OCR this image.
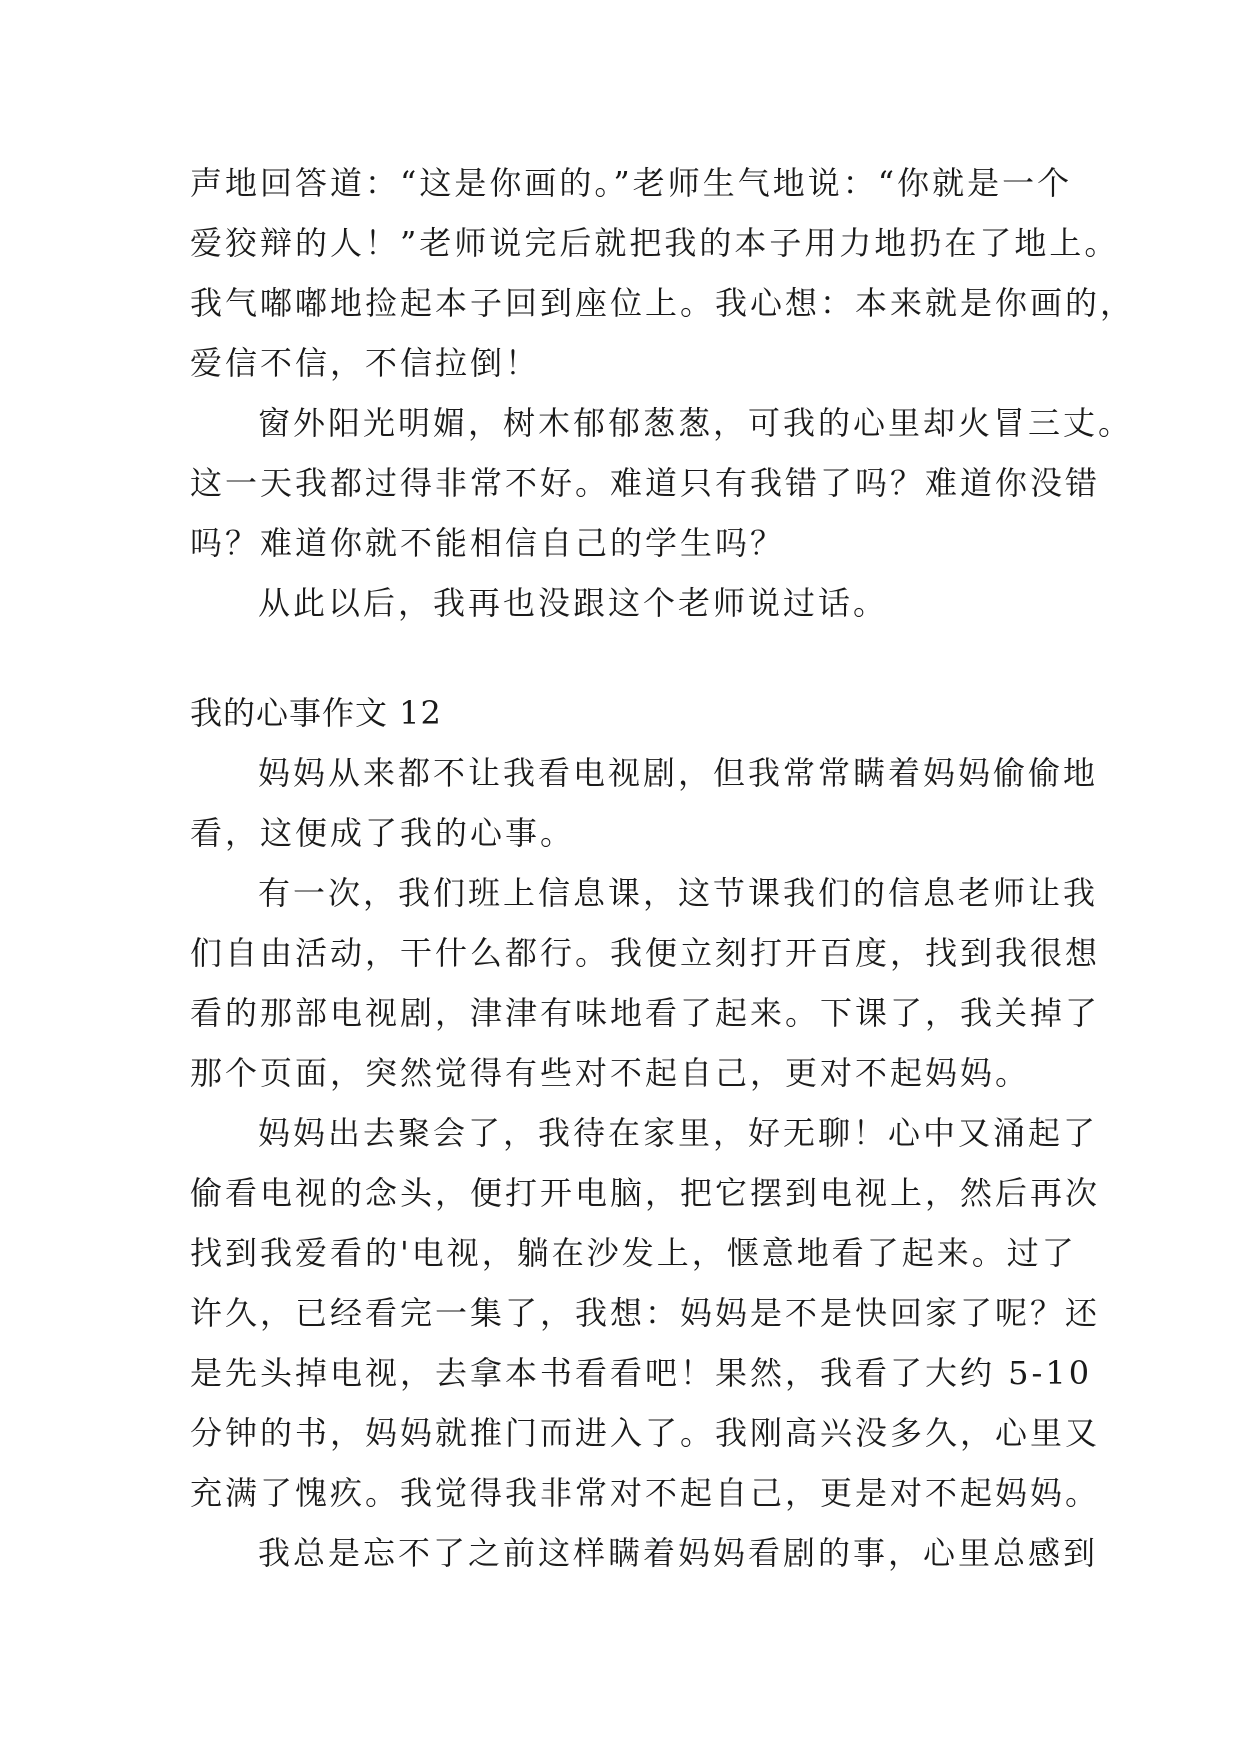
声地回答道：“这是你画的。”老师生气地说：“你就是一个
爱狡辩的人！”老师说完后就把我的本子用力地扔在了地上。
我气嘟嘟地捡起本子回到座位上。我心想：本来就是你画的，
爱信不信，不信拉倒！
窗外阳光明媚，树木郁郁葱葱，可我的心里却火冒三丈。
这一天我都过得非常不好。难道只有我错了吗？难道你没错
吗？难道你就不能相信自己的学生吗？
从此以后，我再也没跟这个老师说过话。
我的心事作文 12
妈妈从来都不让我看电视剧，但我常常瞒着妈妈偷偷地
看，这便成了我的心事。
有一次，我们班上信息课，这节课我们的信息老师让我
们自由活动，干什么都行。我便立刻打开百度，找到我很想
看的那部电视剧，津津有味地看了起来。下课了，我关掉了
那个页面，突然觉得有些对不起自己，更对不起妈妈。
妈妈出去聚会了，我待在家里，好无聊！心中又涌起了
偷看电视的念头，便打开电脑，把它摆到电视上，然后再次
找到我爱看的'电视，躺在沙发上，惬意地看了起来。过了
许久，已经看完一集了，我想：妈妈是不是快回家了呢？还
是先头掉电视，去拿本书看看吧！果然，我看了大约 5-10
分钟的书，妈妈就推门而进入了。我刚高兴没多久，心里又
充满了愧疚。我觉得我非常对不起自己，更是对不起妈妈。
我总是忘不了之前这样瞒着妈妈看剧的事，心里总感到
